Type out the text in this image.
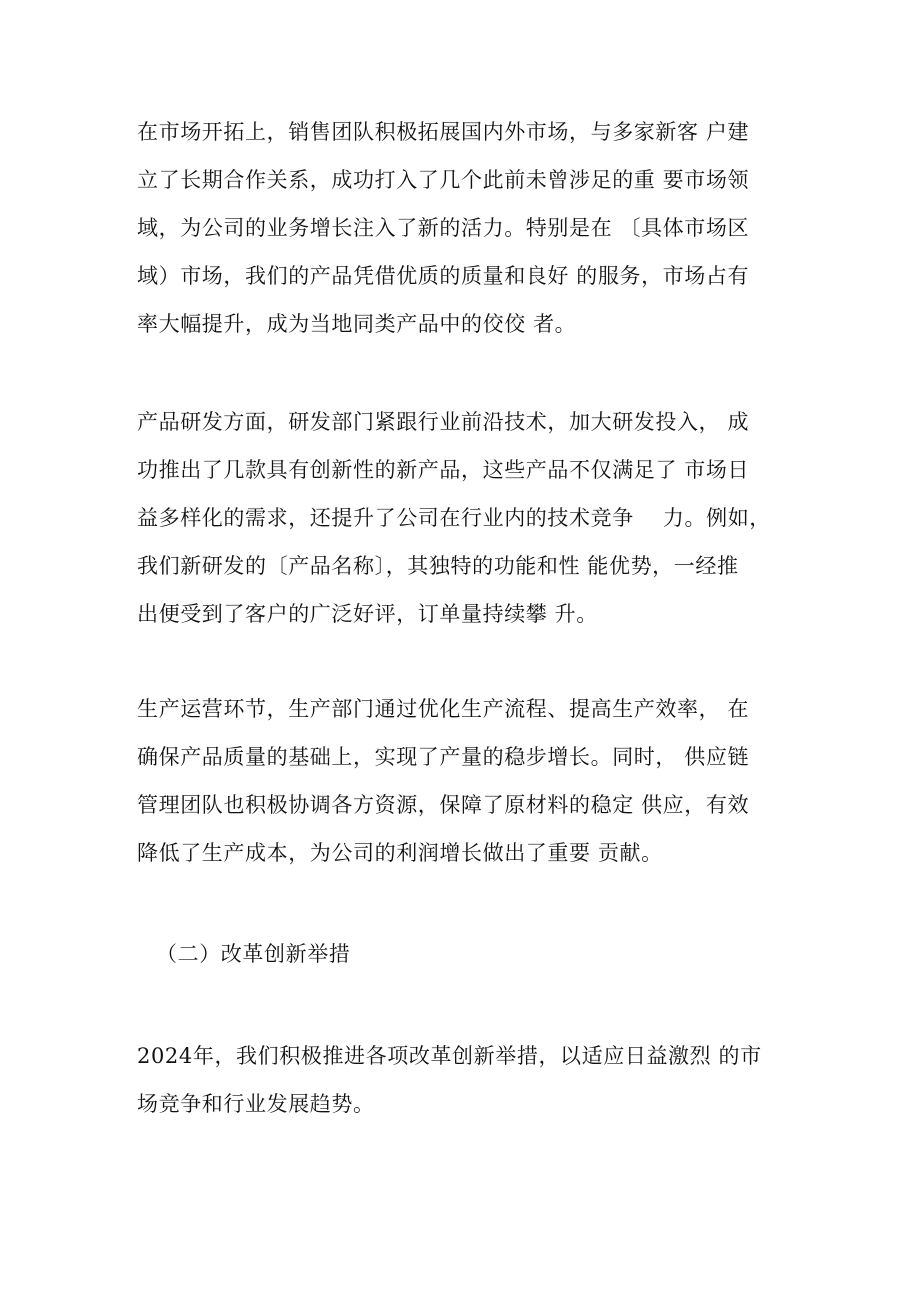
在市场开拓上，销售团队积极拓展国内外市场，与多家新客 户建
立了长期合作关系，成功打入了几个此前未曾涉足的重 要市场领
域，为公司的业务增长注入了新的活力。特别是在 〔具体市场区
域）市场，我们的产品凭借优质的质量和良好 的服务，市场占有
率大幅提升，成为当地同类产品中的佼佼 者。
产品研发方面，研发部门紧跟行业前沿技术，加大研发投入， 成
功推出了几款具有创新性的新产品，这些产品不仅满足了 市场日
益多样化的需求，还提升了公司在行业内的技术竞争    力。例如，
我们新研发的〔产品名称〕，其独特的功能和性 能优势，一经推
出便受到了客户的广泛好评，订单量持续攀 升。
生产运营环节，生产部门通过优化生产流程、提高生产效率， 在
确保产品质量的基础上，实现了产量的稳步增长。同时， 供应链
管理团队也积极协调各方资源，保障了原材料的稳定 供应，有效
降低了生产成本，为公司的利润增长做出了重要 贡献。
（二）改革创新举措
2024年，我们积极推进各项改革创新举措，以适应日益激烈 的市
场竞争和行业发展趋势。
